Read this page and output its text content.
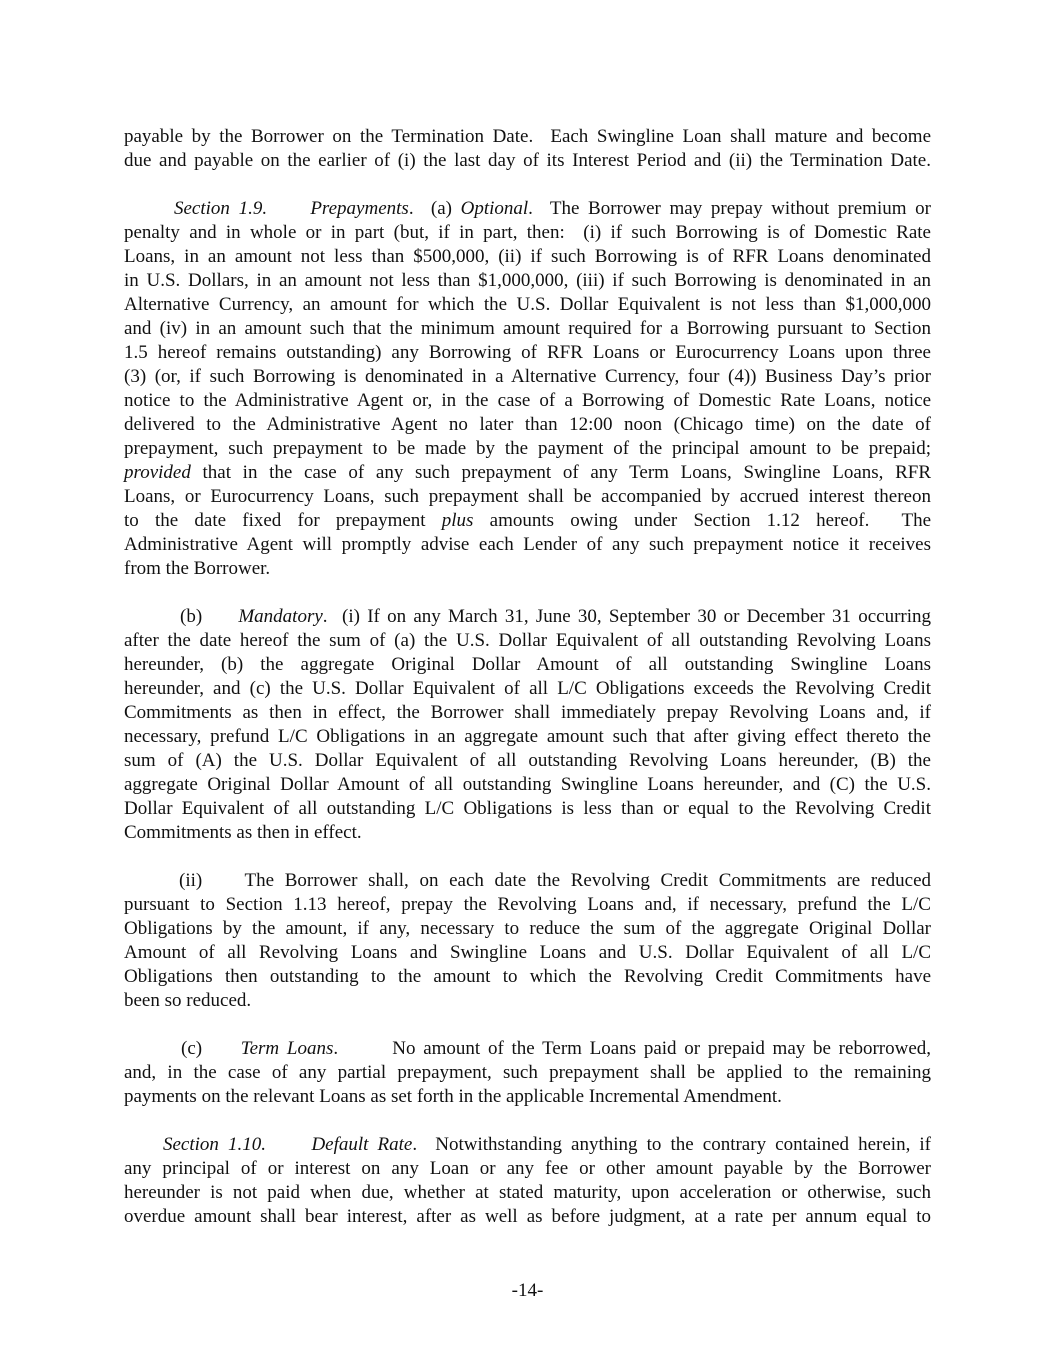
payable by the Borrower on the Termination Date.  Each Swingline Loan shall mature and become
due and payable on the earlier of (i) the last day of its Interest Period and (ii) the Termination Date.
Section 1.9. Prepayments.  (a) Optional.  The Borrower may prepay without premium or
penalty and in whole or in part (but, if in part, then:  (i) if such Borrowing is of Domestic Rate
Loans, in an amount not less than $500,000, (ii) if such Borrowing is of RFR Loans denominated
in U.S. Dollars, in an amount not less than $1,000,000, (iii) if such Borrowing is denominated in an
Alternative Currency, an amount for which the U.S. Dollar Equivalent is not less than $1,000,000
and (iv) in an amount such that the minimum amount required for a Borrowing pursuant to Section
1.5 hereof remains outstanding) any Borrowing of RFR Loans or Eurocurrency Loans upon three
(3) (or, if such Borrowing is denominated in a Alternative Currency, four (4)) Business Day’s prior
notice to the Administrative Agent or, in the case of a Borrowing of Domestic Rate Loans, notice
delivered to the Administrative Agent no later than 12:00 noon (Chicago time) on the date of
prepayment, such prepayment to be made by the payment of the principal amount to be prepaid;
provided that in the case of any such prepayment of any Term Loans, Swingline Loans, RFR
Loans, or Eurocurrency Loans, such prepayment shall be accompanied by accrued interest thereon
to the date fixed for prepayment plus amounts owing under Section 1.12 hereof.  The
Administrative Agent will promptly advise each Lender of any such prepayment notice it receives
from the Borrower.
(b)     Mandatory.  (i) If on any March 31, June 30, September 30 or December 31 occurring
after the date hereof the sum of (a) the U.S. Dollar Equivalent of all outstanding Revolving Loans
hereunder, (b) the aggregate Original Dollar Amount of all outstanding Swingline Loans
hereunder, and (c) the U.S. Dollar Equivalent of all L/C Obligations exceeds the Revolving Credit
Commitments as then in effect, the Borrower shall immediately prepay Revolving Loans and, if
necessary, prefund L/C Obligations in an aggregate amount such that after giving effect thereto the
sum of (A) the U.S. Dollar Equivalent of all outstanding Revolving Loans hereunder, (B) the
aggregate Original Dollar Amount of all outstanding Swingline Loans hereunder, and (C) the U.S.
Dollar Equivalent of all outstanding L/C Obligations is less than or equal to the Revolving Credit
Commitments as then in effect.
(ii)    The Borrower shall, on each date the Revolving Credit Commitments are reduced
pursuant to Section 1.13 hereof, prepay the Revolving Loans and, if necessary, prefund the L/C
Obligations by the amount, if any, necessary to reduce the sum of the aggregate Original Dollar
Amount of all Revolving Loans and Swingline Loans and U.S. Dollar Equivalent of all L/C
Obligations then outstanding to the amount to which the Revolving Credit Commitments have
been so reduced.
(c)     Term Loans.       No amount of the Term Loans paid or prepaid may be reborrowed,
and, in the case of any partial prepayment, such prepayment shall be applied to the remaining
payments on the relevant Loans as set forth in the applicable Incremental Amendment.
Section 1.10. Default Rate.  Notwithstanding anything to the contrary contained herein, if
any principal of or interest on any Loan or any fee or other amount payable by the Borrower
hereunder is not paid when due, whether at stated maturity, upon acceleration or otherwise, such
overdue amount shall bear interest, after as well as before judgment, at a rate per annum equal to
-14-
